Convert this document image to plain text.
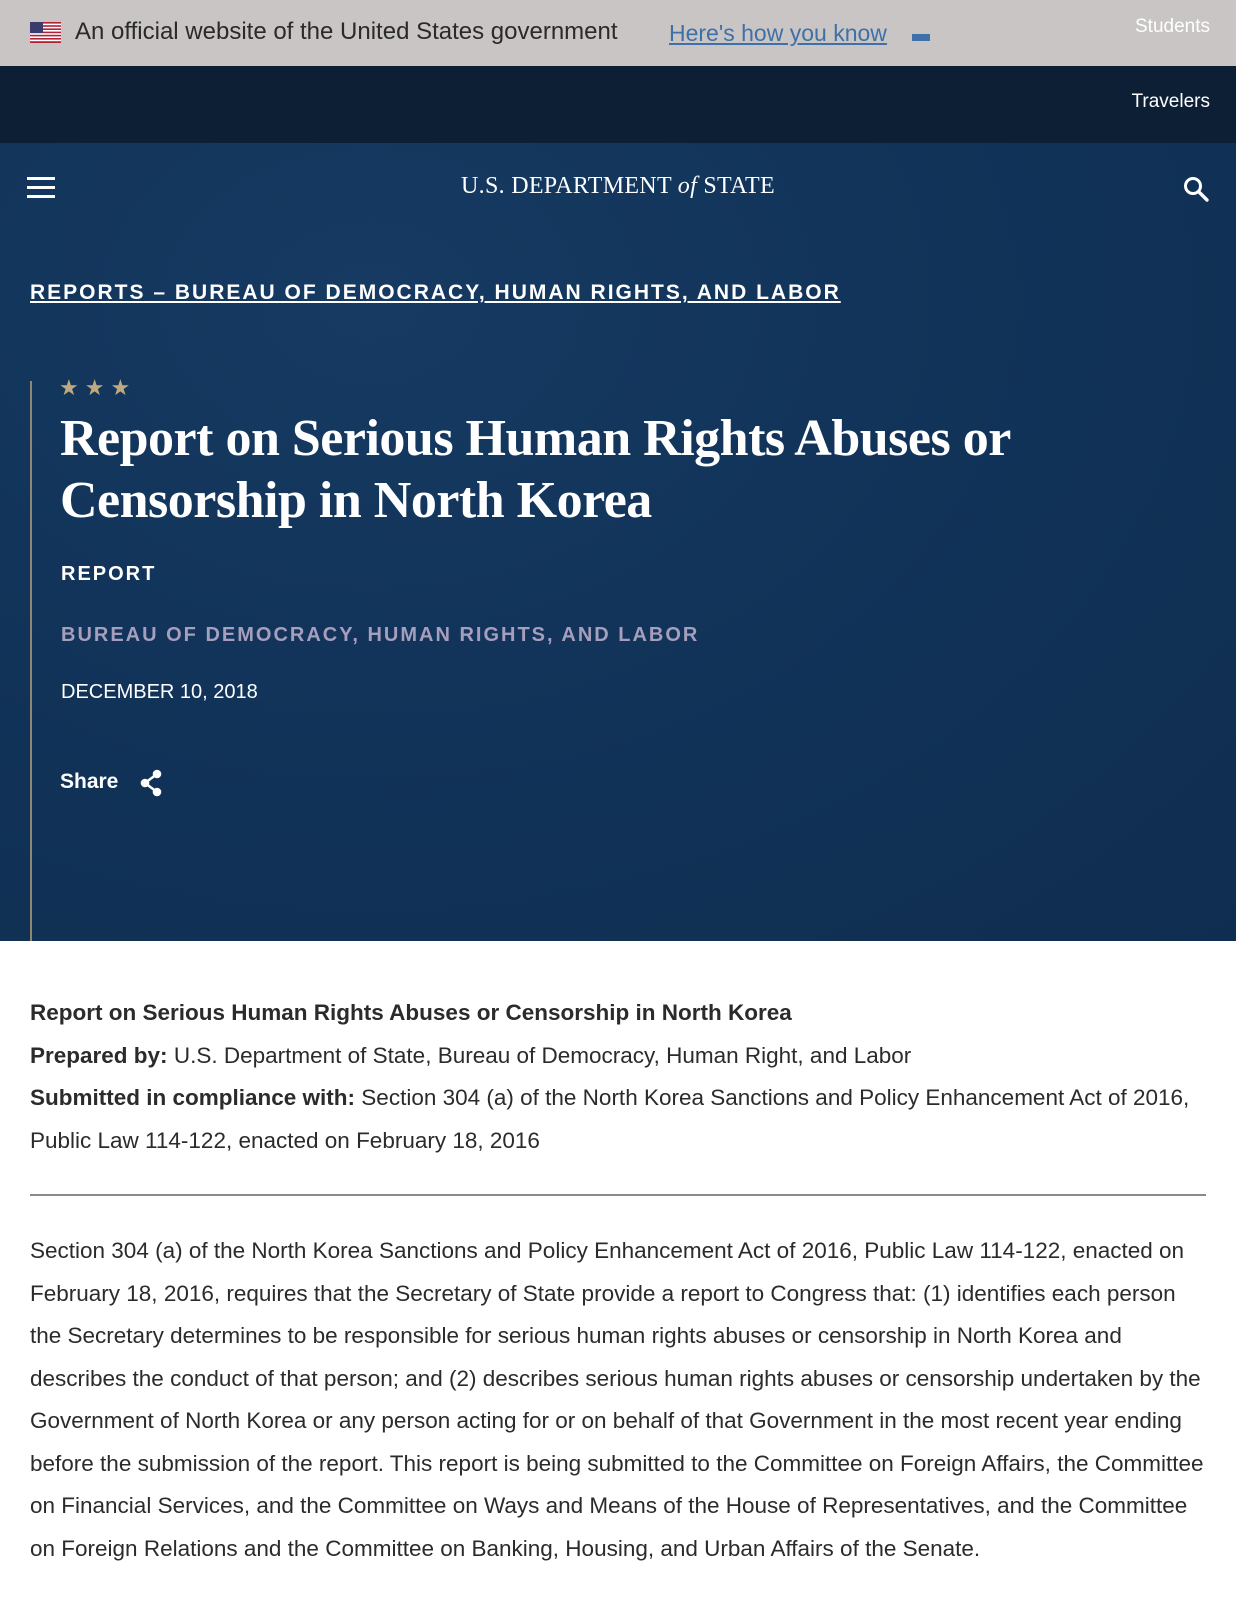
An official website of the United States government Here's how you know	Students
Travelers
U.S. DEPARTMENT of STATE
REPORTS – BUREAU OF DEMOCRACY, HUMAN RIGHTS, AND LABOR
★★★
Report on Serious Human Rights Abuses or Censorship in North Korea
REPORT
BUREAU OF DEMOCRACY, HUMAN RIGHTS, AND LABOR
DECEMBER 10, 2018
Share

Report on Serious Human Rights Abuses or Censorship in North Korea

Prepared by: U.S. Department of State, Bureau of Democracy, Human Right, and Labor

Submitted in compliance with: Section 304 (a) of the North Korea Sanctions and Policy Enhancement Act of 2016, Public Law 114-122, enacted on February 18, 2016

Section 304 (a) of the North Korea Sanctions and Policy Enhancement Act of 2016, Public Law 114-122, enacted on February 18, 2016, requires that the Secretary of State provide a report to Congress that: (1) identifies each person the Secretary determines to be responsible for serious human rights abuses or censorship in North Korea and describes the conduct of that person; and (2) describes serious human rights abuses or censorship undertaken by the Government of North Korea or any person acting for or on behalf of that Government in the most recent year ending before the submission of the report. This report is being submitted to the Committee on Foreign Affairs, the Committee on Financial Services, and the Committee on Ways and Means of the House of Representatives, and the Committee on Foreign Relations and the Committee on Banking, Housing, and Urban Affairs of the Senate.
